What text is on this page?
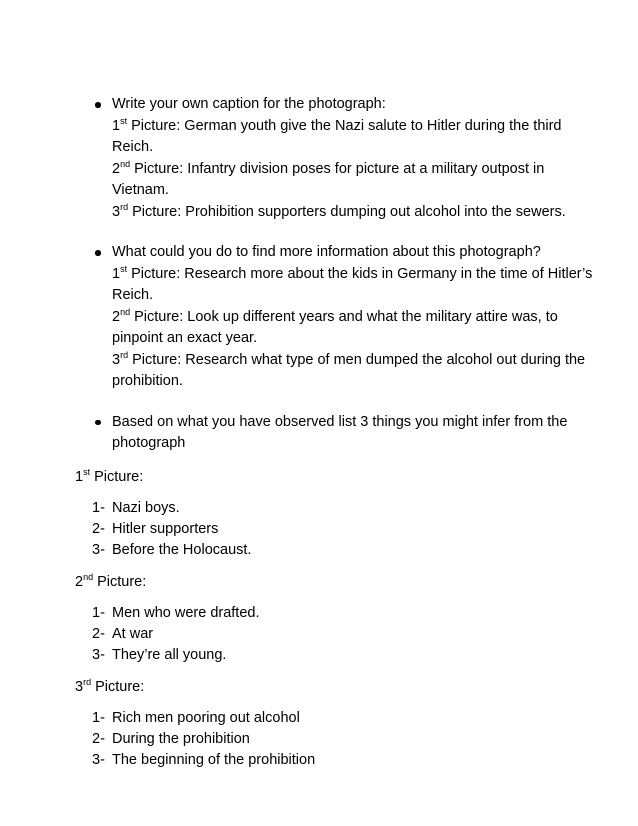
Write your own caption for the photograph:
1st Picture: German youth give the Nazi salute to Hitler during the third
Reich.
2nd Picture: Infantry division poses for picture at a military outpost in
Vietnam.
3rd Picture: Prohibition supporters dumping out alcohol into the sewers.
What could you do to find more information about this photograph?
1st Picture: Research more about the kids in Germany in the time of Hitler’s
Reich.
2nd Picture: Look up different years and what the military attire was, to
pinpoint an exact year.
3rd Picture: Research what type of men dumped the alcohol out during the
prohibition.
Based on what you have observed list 3 things you might infer from the
photograph
1st Picture:
1- Nazi boys.
2- Hitler supporters
3- Before the Holocaust.
2nd Picture:
1- Men who were drafted.
2- At war
3- They’re all young.
3rd Picture:
1- Rich men pooring out alcohol
2- During the prohibition
3- The beginning of the prohibition
